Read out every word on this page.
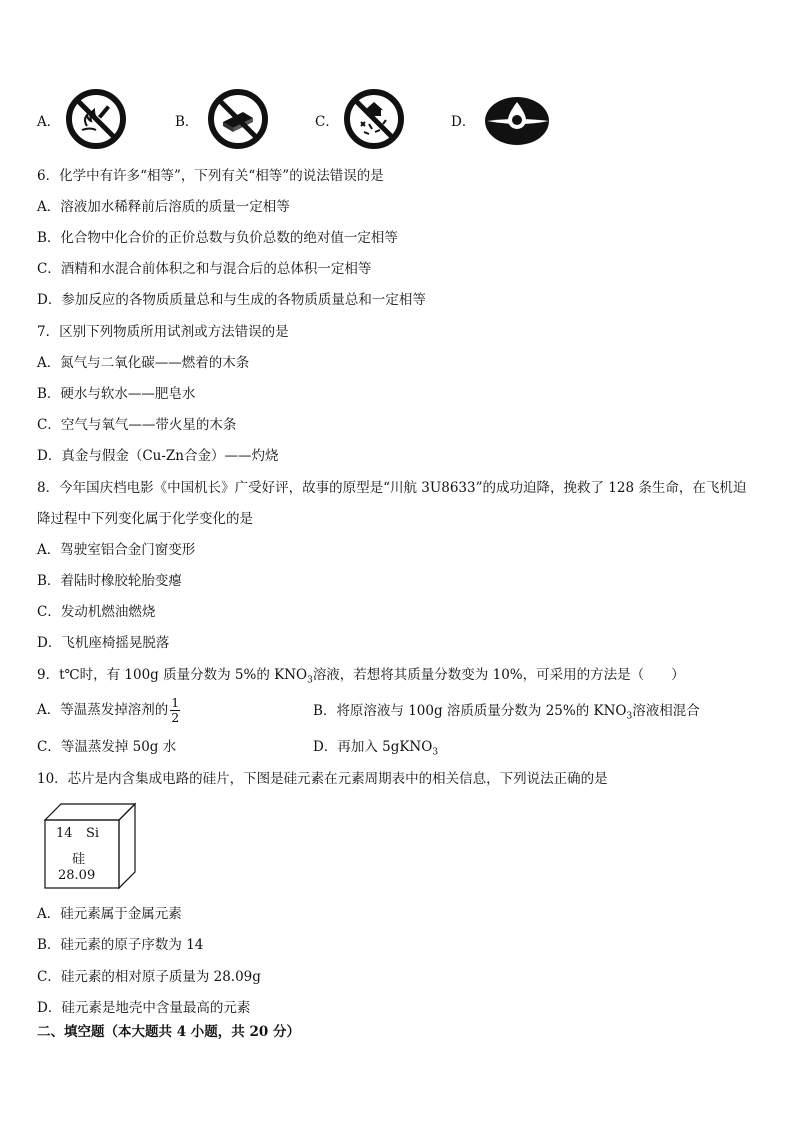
A．	B．	C．	D．
6．化学中有许多“相等”，下列有关“相等”的说法错误的是
A．溶液加水稀释前后溶质的质量一定相等
B．化合物中化合价的正价总数与负价总数的绝对值一定相等
C．酒精和水混合前体积之和与混合后的总体积一定相等
D．参加反应的各物质质量总和与生成的各物质质量总和一定相等
7．区别下列物质所用试剂或方法错误的是
A．氮气与二氧化碳——燃着的木条
B．硬水与软水——肥皂水
C．空气与氧气——带火星的木条
D．真金与假金（Cu-Zn合金）——灼烧
8．今年国庆档电影《中国机长》广受好评，故事的原型是“川航 3U8633”的成功迫降，挽救了 128 条生命，在飞机迫
降过程中下列变化属于化学变化的是
A．驾驶室铝合金门窗变形
B．着陆时橡胶轮胎变瘪
C．发动机燃油燃烧
D．飞机座椅摇晃脱落
9．t℃时，有 100g 质量分数为 5%的 $KNO_3$溶液，若想将其质量分数变为 10%，可采用的方法是（　　）
A．等温蒸发掉溶剂的 $\frac{1}{2}$	B．将原溶液与 100g 溶质质量分数为 25%的 $KNO_3$溶液相混合
C．等温蒸发掉 50g 水	D．再加入 5gKNO$_3$
10．芯片是内含集成电路的硅片，下图是硅元素在元素周期表中的相关信息，下列说法正确的是
14 Si
硅
28.09
A．硅元素属于金属元素
B．硅元素的原子序数为 14
C．硅元素的相对原子质量为 28.09g
D．硅元素是地壳中含量最高的元素
二、填空题（本大题共 4 小题，共 20 分）
